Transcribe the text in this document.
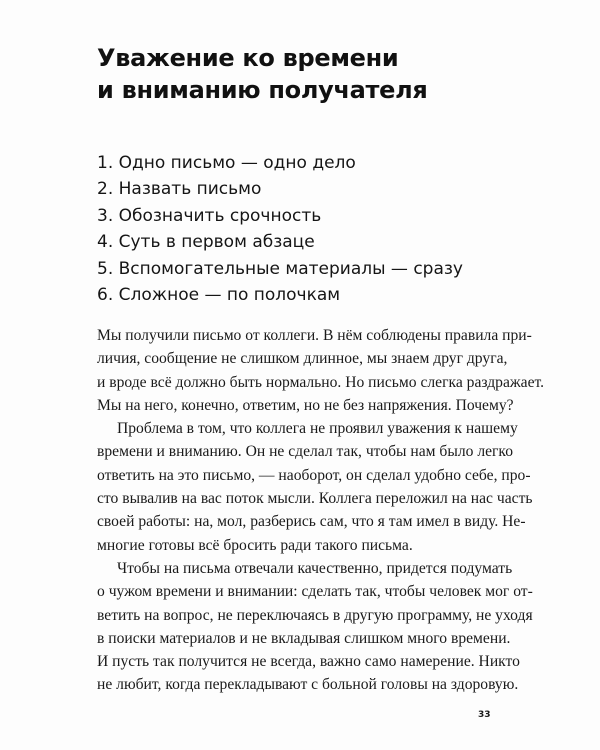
Уважение ко времени
и вниманию получателя
1. Одно письмо — одно дело
2. Назвать письмо
3. Обозначить срочность
4. Суть в первом абзаце
5. Вспомогательные материалы — сразу
6. Сложное — по полочкам
Мы получили письмо от коллеги. В нём соблюдены правила при-
личия, сообщение не слишком длинное, мы знаем друг друга,
и вроде всё должно быть нормально. Но письмо слегка раздражает.
Мы на него, конечно, ответим, но не без напряжения. Почему?
Проблема в том, что коллега не проявил уважения к нашему
времени и вниманию. Он не сделал так, чтобы нам было легко
ответить на это письмо, — наоборот, он сделал удобно себе, про-
сто вывалив на вас поток мысли. Коллега переложил на нас часть
своей работы: на, мол, разберись сам, что я там имел в виду. Не-
многие готовы всё бросить ради такого письма.
Чтобы на письма отвечали качественно, придется подумать
о чужом времени и внимании: сделать так, чтобы человек мог от-
ветить на вопрос, не переключаясь в другую программу, не уходя
в поиски материалов и не вкладывая слишком много времени.
И пусть так получится не всегда, важно само намерение. Никто
не любит, когда перекладывают с больной головы на здоровую.
33
